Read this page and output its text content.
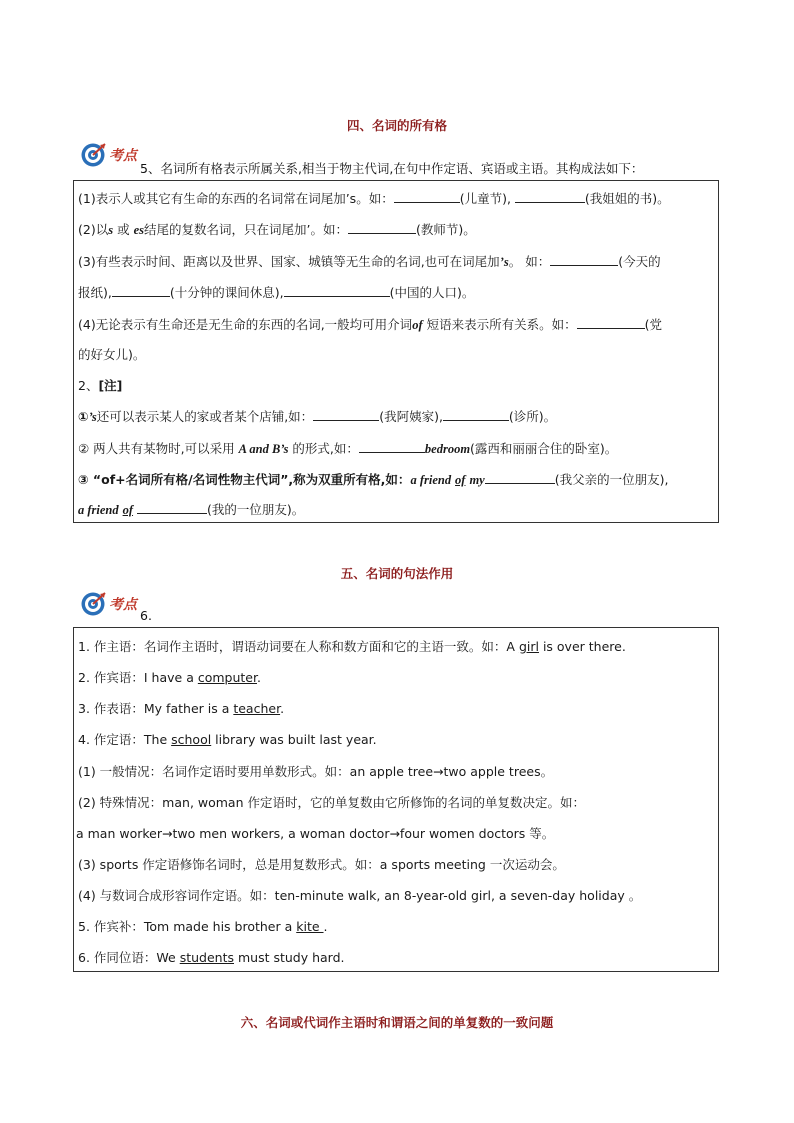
四、名词的所有格
考点
5、名词所有格表示所属关系,相当于物主代词,在句中作定语、宾语或主语。其构成法如下：
(1)表示人或其它有生命的东西的名词常在词尾加’s。如：	(儿童节),	(我姐姐的书)。
(2)以s 或 es结尾的复数名词，只在词尾加’。如：	(教师节)。
(3)有些表示时间、距离以及世界、国家、城镇等无生命的名词,也可在词尾加’s。 如：	(今天的
报纸),	(十分钟的课间休息),	(中国的人口)。
(4)无论表示有生命还是无生命的东西的名词,一般均可用介词of 短语来表示所有关系。如：	(党
的好女儿)。
2、[注]
①’s还可以表示某人的家或者某个店铺,如：	(我阿姨家),	(诊所)。
② 两人共有某物时,可以采用 A and B’s 的形式,如：	bedroom(露西和丽丽合住的卧室)。
③ “of+名词所有格/名词性物主代词”,称为双重所有格,如：a friend of my	(我父亲的一位朋友),
a friend of	(我的一位朋友)。
五、名词的句法作用
考点
6.
1. 作主语：名词作主语时，谓语动词要在人称和数方面和它的主语一致。如：A girl is over there.
2. 作宾语：I have a computer.
3. 作表语：My father is a teacher.
4. 作定语：The school library was built last year.
(1) 一般情况：名词作定语时要用单数形式。如：an apple tree→two apple trees。
(2) 特殊情况：man, woman 作定语时，它的单复数由它所修饰的名词的单复数决定。如：
a man worker→two men workers, a woman doctor→four women doctors 等。
(3) sports 作定语修饰名词时，总是用复数形式。如：a sports meeting 一次运动会。
(4) 与数词合成形容词作定语。如：ten-minute walk, an 8-year-old girl, a seven-day holiday 。
5. 作宾补：Tom made his brother a kite .
6. 作同位语：We students must study hard.
六、名词或代词作主语时和谓语之间的单复数的一致问题
